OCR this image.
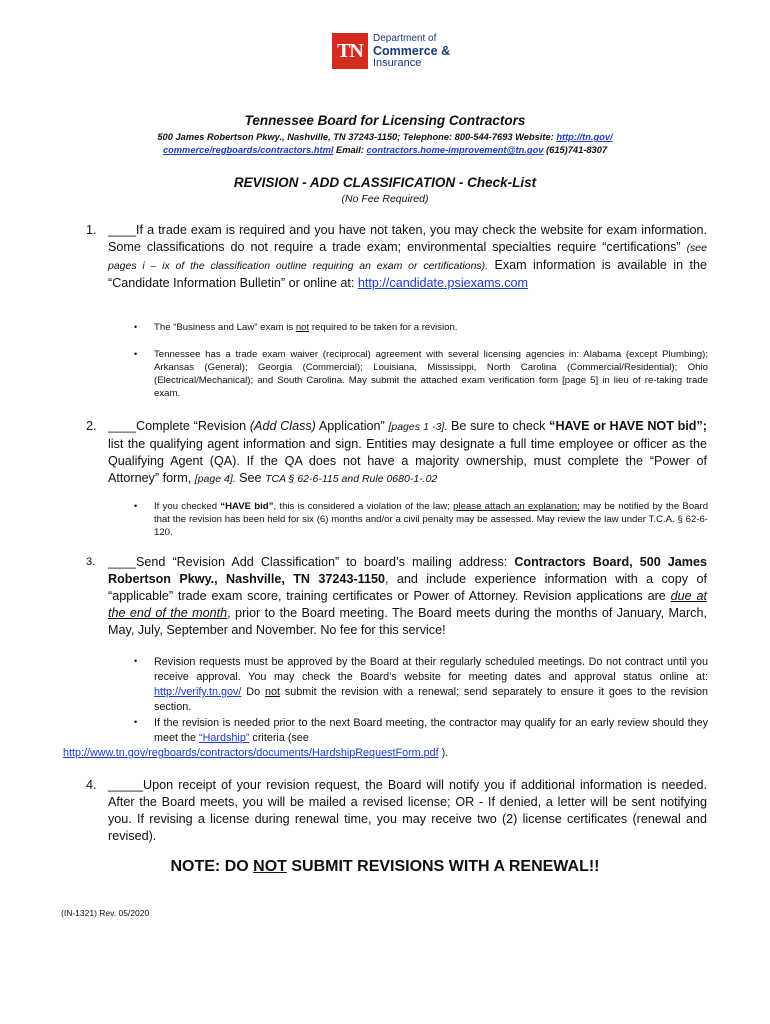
TN
Department of
Commerce &
Insurance
Tennessee Board for Licensing Contractors
500 James Robertson Pkwy., Nashville, TN 37243-1150; Telephone: 800-544-7693 Website: http://tn.gov/
commerce/regboards/contractors.html Email: contractors.home-improvement@tn.gov (615)741-8307
REVISION - ADD CLASSIFICATION - Check-List
(No Fee Required)
1. ____If a trade exam is required and you have not taken, you may check the website for exam information. Some classifications do not require a trade exam; environmental specialties require “certifications” (see pages i – ix of the classification outline requiring an exam or certifications). Exam information is available in the “Candidate Information Bulletin” or online at: http://candidate.psiexams.com
• The “Business and Law” exam is not required to be taken for a revision.
• Tennessee has a trade exam waiver (reciprocal) agreement with several licensing agencies in: Alabama (except Plumbing); Arkansas (General); Georgia (Commercial); Louisiana, Mississippi, North Carolina (Commercial/Residential); Ohio (Electrical/Mechanical); and South Carolina. May submit the attached exam verification form [page 5] in lieu of re-taking trade exam.
2. ____Complete “Revision (Add Class) Application” [pages 1 -3]. Be sure to check “HAVE or HAVE NOT bid”; list the qualifying agent information and sign. Entities may designate a full time employee or officer as the Qualifying Agent (QA). If the QA does not have a majority ownership, must complete the “Power of Attorney” form, [page 4]. See TCA § 62-6-115 and Rule 0680-1-.02
• If you checked “HAVE bid”, this is considered a violation of the law; please attach an explanation; may be notified by the Board that the revision has been held for six (6) months and/or a civil penalty may be assessed. May review the law under T.C.A. § 62-6-120.
3. ____Send “Revision Add Classification” to board’s mailing address: Contractors Board, 500 James Robertson Pkwy., Nashville, TN 37243-1150, and include experience information with a copy of “applicable” trade exam score, training certificates or Power of Attorney. Revision applications are due at the end of the month, prior to the Board meeting. The Board meets during the months of January, March, May, July, September and November. No fee for this service!
• Revision requests must be approved by the Board at their regularly scheduled meetings. Do not contract until you receive approval. You may check the Board’s website for meeting dates and approval status online at: http://verify.tn.gov/ Do not submit the revision with a renewal; send separately to ensure it goes to the revision section.
• If the revision is needed prior to the next Board meeting, the contractor may qualify for an early review should they meet the “Hardship” criteria (see
http://www.tn.gov/regboards/contractors/documents/HardshipRequestForm.pdf ).
4. _____Upon receipt of your revision request, the Board will notify you if additional information is needed. After the Board meets, you will be mailed a revised license; OR - If denied, a letter will be sent notifying you. If revising a license during renewal time, you may receive two (2) license certificates (renewal and revised).
NOTE: DO NOT SUBMIT REVISIONS WITH A RENEWAL!!
(IN-1321) Rev. 05/2020
